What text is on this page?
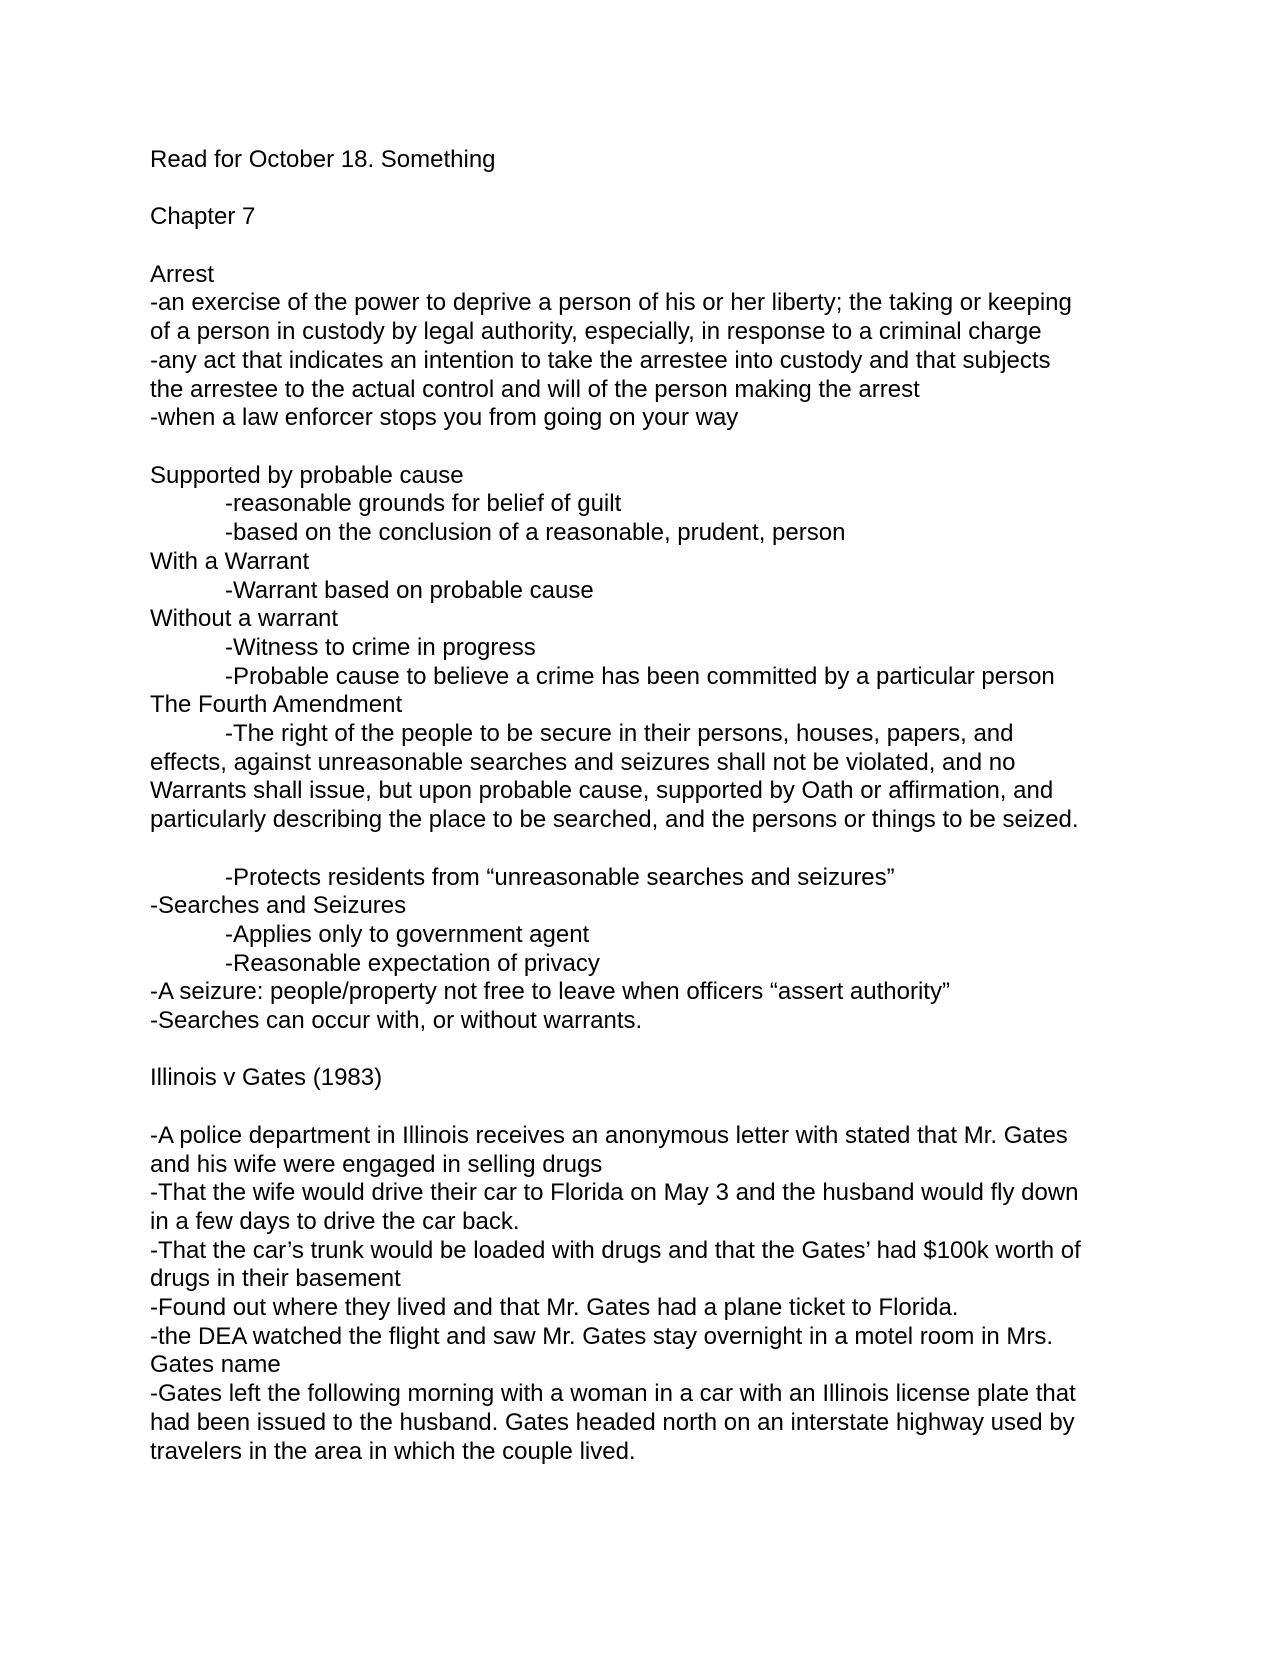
Read for October 18. Something
Chapter 7
Arrest
-an exercise of the power to deprive a person of his or her liberty; the taking or keeping
of a person in custody by legal authority, especially, in response to a criminal charge
-any act that indicates an intention to take the arrestee into custody and that subjects
the arrestee to the actual control and will of the person making the arrest
-when a law enforcer stops you from going on your way
Supported by probable cause
-reasonable grounds for belief of guilt
-based on the conclusion of a reasonable, prudent, person
With a Warrant
-Warrant based on probable cause
Without a warrant
-Witness to crime in progress
-Probable cause to believe a crime has been committed by a particular person
The Fourth Amendment
-The right of the people to be secure in their persons, houses, papers, and
effects, against unreasonable searches and seizures shall not be violated, and no
Warrants shall issue, but upon probable cause, supported by Oath or affirmation, and
particularly describing the place to be searched, and the persons or things to be seized.
-Protects residents from “unreasonable searches and seizures”
-Searches and Seizures
-Applies only to government agent
-Reasonable expectation of privacy
-A seizure: people/property not free to leave when officers “assert authority”
-Searches can occur with, or without warrants.
Illinois v Gates (1983)
-A police department in Illinois receives an anonymous letter with stated that Mr. Gates
and his wife were engaged in selling drugs
-That the wife would drive their car to Florida on May 3 and the husband would fly down
in a few days to drive the car back.
-That the car’s trunk would be loaded with drugs and that the Gates’ had $100k worth of
drugs in their basement
-Found out where they lived and that Mr. Gates had a plane ticket to Florida.
-the DEA watched the flight and saw Mr. Gates stay overnight in a motel room in Mrs.
Gates name
-Gates left the following morning with a woman in a car with an Illinois license plate that
had been issued to the husband. Gates headed north on an interstate highway used by
travelers in the area in which the couple lived.
